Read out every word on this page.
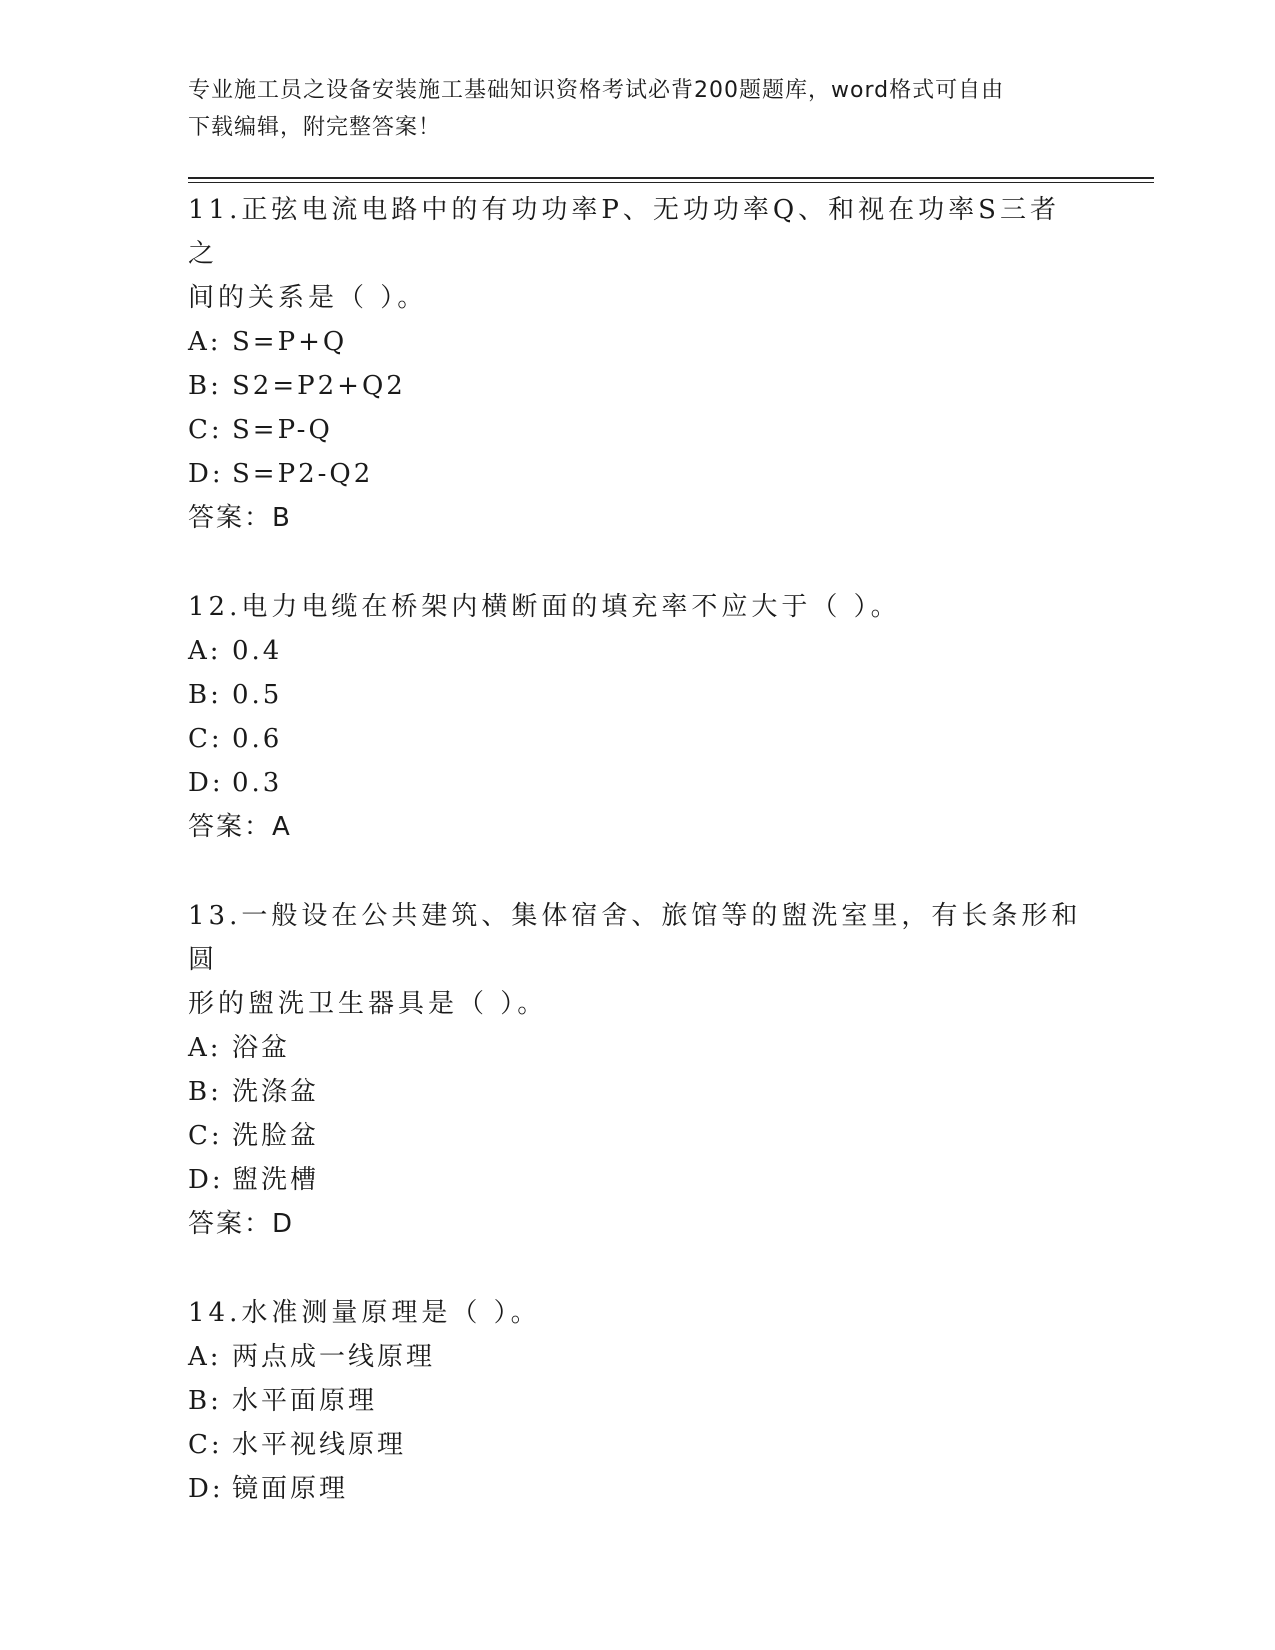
专业施工员之设备安装施工基础知识资格考试必背200题题库，word格式可自由
下载编辑，附完整答案！

11.正弦电流电路中的有功功率P、无功功率Q、和视在功率S三者之

间的关系是（ ）。

A: S=P+Q

B: S2=P2+Q2

C: S=P-Q

D: S=P2-Q2

答案：B

12.电力电缆在桥架内横断面的填充率不应大于（ ）。

A: 0.4

B: 0.5

C: 0.6

D: 0.3

答案：A

13.一般设在公共建筑、集体宿舍、旅馆等的盥洗室里，有长条形和圆

形的盥洗卫生器具是（ ）。

A: 浴盆

B: 洗涤盆

C: 洗脸盆

D: 盥洗槽

答案：D

14.水准测量原理是（ ）。

A: 两点成一线原理

B: 水平面原理

C: 水平视线原理

D: 镜面原理
